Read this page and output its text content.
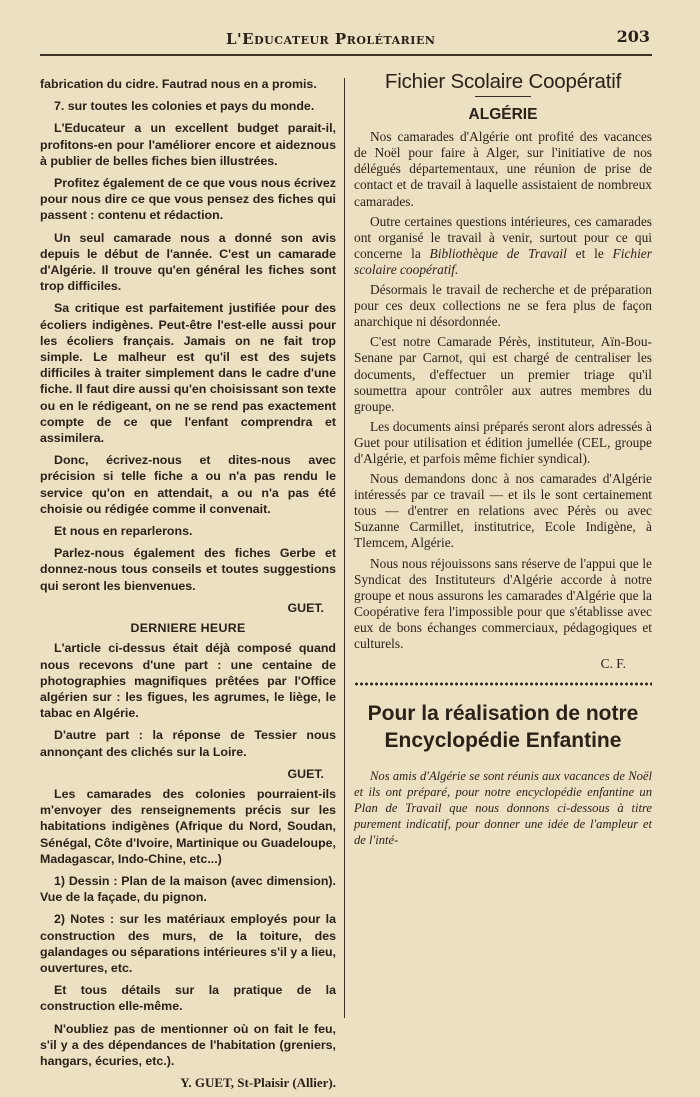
L'Educateur Prolétarien	203

fabrication du cidre. Fautrad nous en a promis.

7. sur toutes les colonies et pays du monde.

L'Educateur a un excellent budget parait-il, profitons-en pour l'améliorer encore et aideznous à publier de belles fiches bien illustrées.

Profitez également de ce que vous nous écrivez pour nous dire ce que vous pensez des fiches qui passent : contenu et rédaction.

Un seul camarade nous a donné son avis depuis le début de l'année. C'est un camarade d'Algérie. Il trouve qu'en général les fiches sont trop difficiles.

Sa critique est parfaitement justifiée pour des écoliers indigènes. Peut-être l'est-elle aussi pour les écoliers français. Jamais on ne fait trop simple. Le malheur est qu'il est des sujets difficiles à traiter simplement dans le cadre d'une fiche. Il faut dire aussi qu'en choisissant son texte ou en le rédigeant, on ne se rend pas exactement compte de ce que l'enfant comprendra et assimilera.

Donc, écrivez-nous et dites-nous avec précision si telle fiche a ou n'a pas rendu le service qu'on en attendait, a ou n'a pas été choisie ou rédigée comme il convenait.

Et nous en reparlerons.

Parlez-nous également des fiches Gerbe et donnez-nous tous conseils et toutes suggestions qui seront les bienvenues.

GUET.

DERNIERE HEURE

L'article ci-dessus était déjà composé quand nous recevons d'une part : une centaine de photographies magnifiques prêtées par l'Office algérien sur : les figues, les agrumes, le liège, le tabac en Algérie.

D'autre part : la réponse de Tessier nous annonçant des clichés sur la Loire.

GUET.

Les camarades des colonies pourraient-ils m'envoyer des renseignements précis sur les habitations indigènes (Afrique du Nord, Soudan, Sénégal, Côte d'Ivoire, Martinique ou Guadeloupe, Madagascar, Indo-Chine, etc...)

1) Dessin : Plan de la maison (avec dimension). Vue de la façade, du pignon.

2) Notes : sur les matériaux employés pour la construction des murs, de la toiture, des galandages ou séparations intérieures s'il y a lieu, ouvertures, etc.

Et tous détails sur la pratique de la construction elle-même.

N'oubliez pas de mentionner où on fait le feu, s'il y a des dépendances de l'habitation (greniers, hangars, écuries, etc.).

Y. GUET, St-Plaisir (Allier).

Fichier Scolaire Coopératif
ALGÉRIE

Nos camarades d'Algérie ont profité des vacances de Noël pour faire à Alger, sur l'initiative de nos délégués départementaux, une réunion de prise de contact et de travail à laquelle assistaient de nombreux camarades.

Outre certaines questions intérieures, ces camarades ont organisé le travail à venir, surtout pour ce qui concerne la Bibliothèque de Travail et le Fichier scolaire coopératif.

Désormais le travail de recherche et de préparation pour ces deux collections ne se fera plus de façon anarchique ni désordonnée.

C'est notre Camarade Pérès, instituteur, Aïn-Bou-Senane par Carnot, qui est chargé de centraliser les documents, d'effectuer un premier triage qu'il soumettra apour contrôler aux autres membres du groupe.

Les documents ainsi préparés seront alors adressés à Guet pour utilisation et édition jumellée (CEL, groupe d'Algérie, et parfois même fichier syndical).

Nous demandons donc à nos camarades d'Algérie intéressés par ce travail — et ils le sont certainement tous — d'entrer en relations avec Pérès ou avec Suzanne Carmillet, institutrice, Ecole Indigène, à Tlemcem, Algérie.

Nous nous réjouissons sans réserve de l'appui que le Syndicat des Instituteurs d'Algérie accorde à notre groupe et nous assurons les camarades d'Algérie que la Coopérative fera l'impossible pour que s'établisse avec eux de bons échanges commerciaux, pédagogiques et culturels.

C. F.

Pour la réalisation de notre
Encyclopédie Enfantine

Nos amis d'Algérie se sont réunis aux vacances de Noël et ils ont préparé, pour notre encyclopédie enfantine un Plan de Travail que nous donnons ci-dessous à titre purement indicatif, pour donner une idée de l'ampleur et de l'inté-
